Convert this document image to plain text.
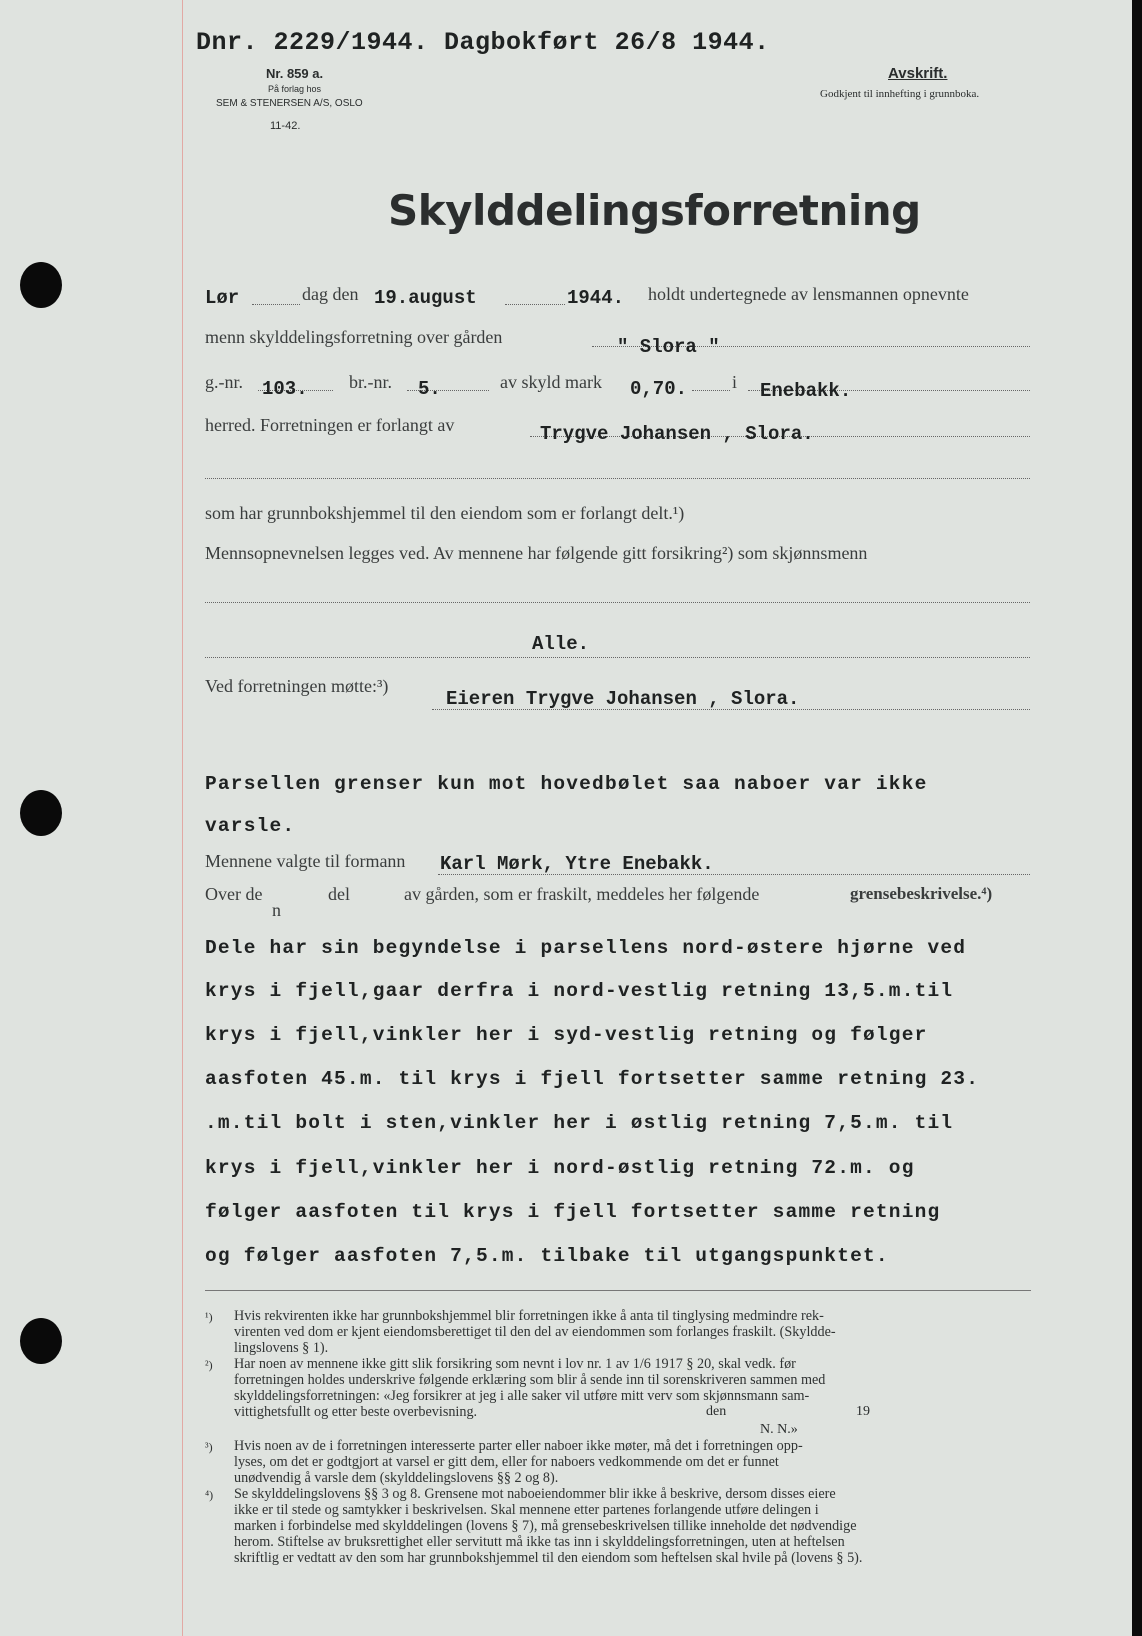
Dnr. 2229/1944. Dagbokført 26/8 1944.
Nr. 859 a.
På forlag hos
SEM & STENERSEN A/S, OSLO
11-42.
Avskrift.
Godkjent til innhefting i grunnboka.
Skylddelingsforretning
Lør	dag den 19.august	1944. holdt undertegnede av lensmannen opnevnte
menn skylddelingsforretning over gården	" Slora "
g.-nr. 103. br.-nr. 5.	av skyld mark 0,70. i Enebakk.
herred. Forretningen er forlangt av	Trygve Johansen , Slora.
som har grunnbokshjemmel til den eiendom som er forlangt delt.¹)
Mennsopnevnelsen legges ved. Av mennene har følgende gitt forsikring²) som skjønnsmenn
Alle.
Ved forretningen møtte:³)
Eieren Trygve Johansen , Slora.
Parsellen grenser kun mot hovedbølet saa naboer var ikke
varsle.
Mennene valgte til formann Karl Mørk, Ytre Enebakk.
Over de
n
del	av gården, som er fraskilt, meddeles her følgende	grensebeskrivelse.⁴)
Dele har sin begyndelse i parsellens nord-østere hjørne ved
krys i fjell,gaar derfra i nord-vestlig retning 13,5.m.til
krys i fjell,vinkler her i syd-vestlig retning og følger
aasfoten 45.m. til krys i fjell fortsetter samme retning 23.
.m.til bolt i sten,vinkler her i østlig retning 7,5.m. til
krys i fjell,vinkler her i nord-østlig retning 72.m. og
følger aasfoten til krys i fjell fortsetter samme retning
og følger aasfoten 7,5.m. tilbake til utgangspunktet.
¹) Hvis rekvirenten ikke har grunnbokshjemmel blir forretningen ikke å anta til tinglysing medmindre rek-
virenten ved dom er kjent eiendomsberettiget til den del av eiendommen som forlanges fraskilt. (Skyldde-
lingslovens § 1).
²) Har noen av mennene ikke gitt slik forsikring som nevnt i lov nr. 1 av 1/6 1917 § 20, skal vedk. før
forretningen holdes underskrive følgende erklæring som blir å sende inn til sorenskriveren sammen med
skylddelingsforretningen: «Jeg forsikrer at jeg i alle saker vil utføre mitt verv som skjønnsmann sam-
vittighetsfullt og etter beste overbevisning.	den	19
N. N.»
³) Hvis noen av de i forretningen interesserte parter eller naboer ikke møter, må det i forretningen opp-
lyses, om det er godtgjort at varsel er gitt dem, eller for naboers vedkommende om det er funnet
unødvendig å varsle dem (skylddelingslovens §§ 2 og 8).
⁴) Se skylddelingslovens §§ 3 og 8. Grensene mot naboeiendommer blir ikke å beskrive, dersom disses eiere
ikke er til stede og samtykker i beskrivelsen. Skal mennene etter partenes forlangende utføre delingen i
marken i forbindelse med skylddelingen (lovens § 7), må grensebeskrivelsen tillike inneholde det nødvendige
herom. Stiftelse av bruksrettighet eller servitutt må ikke tas inn i skylddelingsforretningen, uten at heftelsen
skriftlig er vedtatt av den som har grunnbokshjemmel til den eiendom som heftelsen skal hvile på (lovens § 5).
